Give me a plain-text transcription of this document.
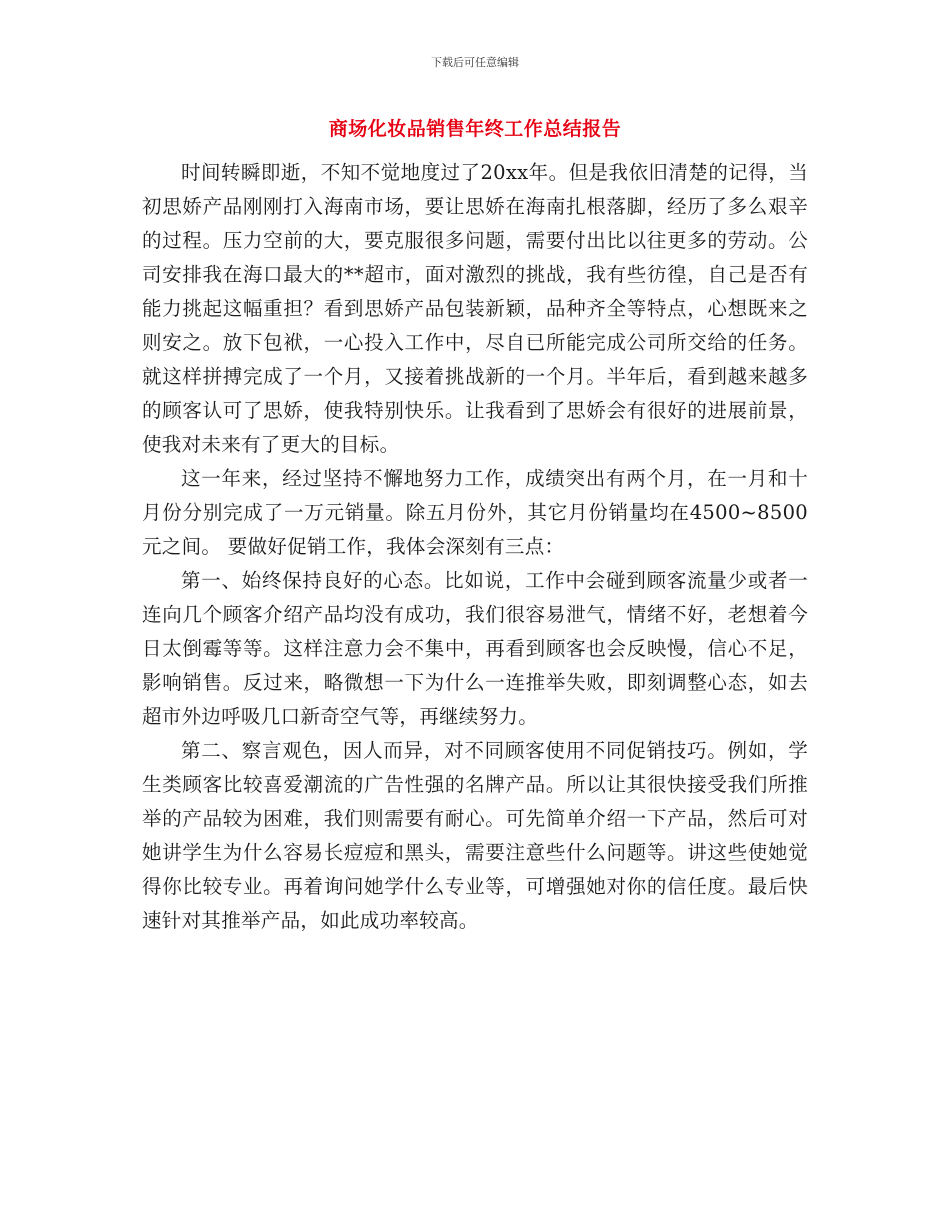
下载后可任意编辑
商场化妆品销售年终工作总结报告

时间转瞬即逝，不知不觉地度过了20xx年。但是我依旧清楚的记得，当初思娇产品刚刚打入海南市场，要让思娇在海南扎根落脚，经历了多么艰辛的过程。压力空前的大，要克服很多问题，需要付出比以往更多的劳动。公司安排我在海口最大的**超市，面对激烈的挑战，我有些彷徨，自己是否有能力挑起这幅重担？看到思娇产品包装新颖，品种齐全等特点，心想既来之则安之。放下包袱，一心投入工作中，尽自已所能完成公司所交给的任务。就这样拼搏完成了一个月，又接着挑战新的一个月。半年后，看到越来越多的顾客认可了思娇，使我特别快乐。让我看到了思娇会有很好的进展前景，使我对未来有了更大的目标。

这一年来，经过坚持不懈地努力工作，成绩突出有两个月，在一月和十月份分别完成了一万元销量。除五月份外，其它月份销量均在4500~8500元之间。 要做好促销工作，我体会深刻有三点：

第一、始终保持良好的心态。比如说，工作中会碰到顾客流量少或者一连向几个顾客介绍产品均没有成功，我们很容易泄气，情绪不好，老想着今日太倒霉等等。这样注意力会不集中，再看到顾客也会反映慢，信心不足，影响销售。反过来，略微想一下为什么一连推举失败，即刻调整心态，如去超市外边呼吸几口新奇空气等，再继续努力。

第二、察言观色，因人而异，对不同顾客使用不同促销技巧。例如，学生类顾客比较喜爱潮流的广告性强的名牌产品。所以让其很快接受我们所推举的产品较为困难，我们则需要有耐心。可先简单介绍一下产品，然后可对她讲学生为什么容易长痘痘和黑头，需要注意些什么问题等。讲这些使她觉得你比较专业。再着询问她学什么专业等，可增强她对你的信任度。最后快速针对其推举产品，如此成功率较高。
